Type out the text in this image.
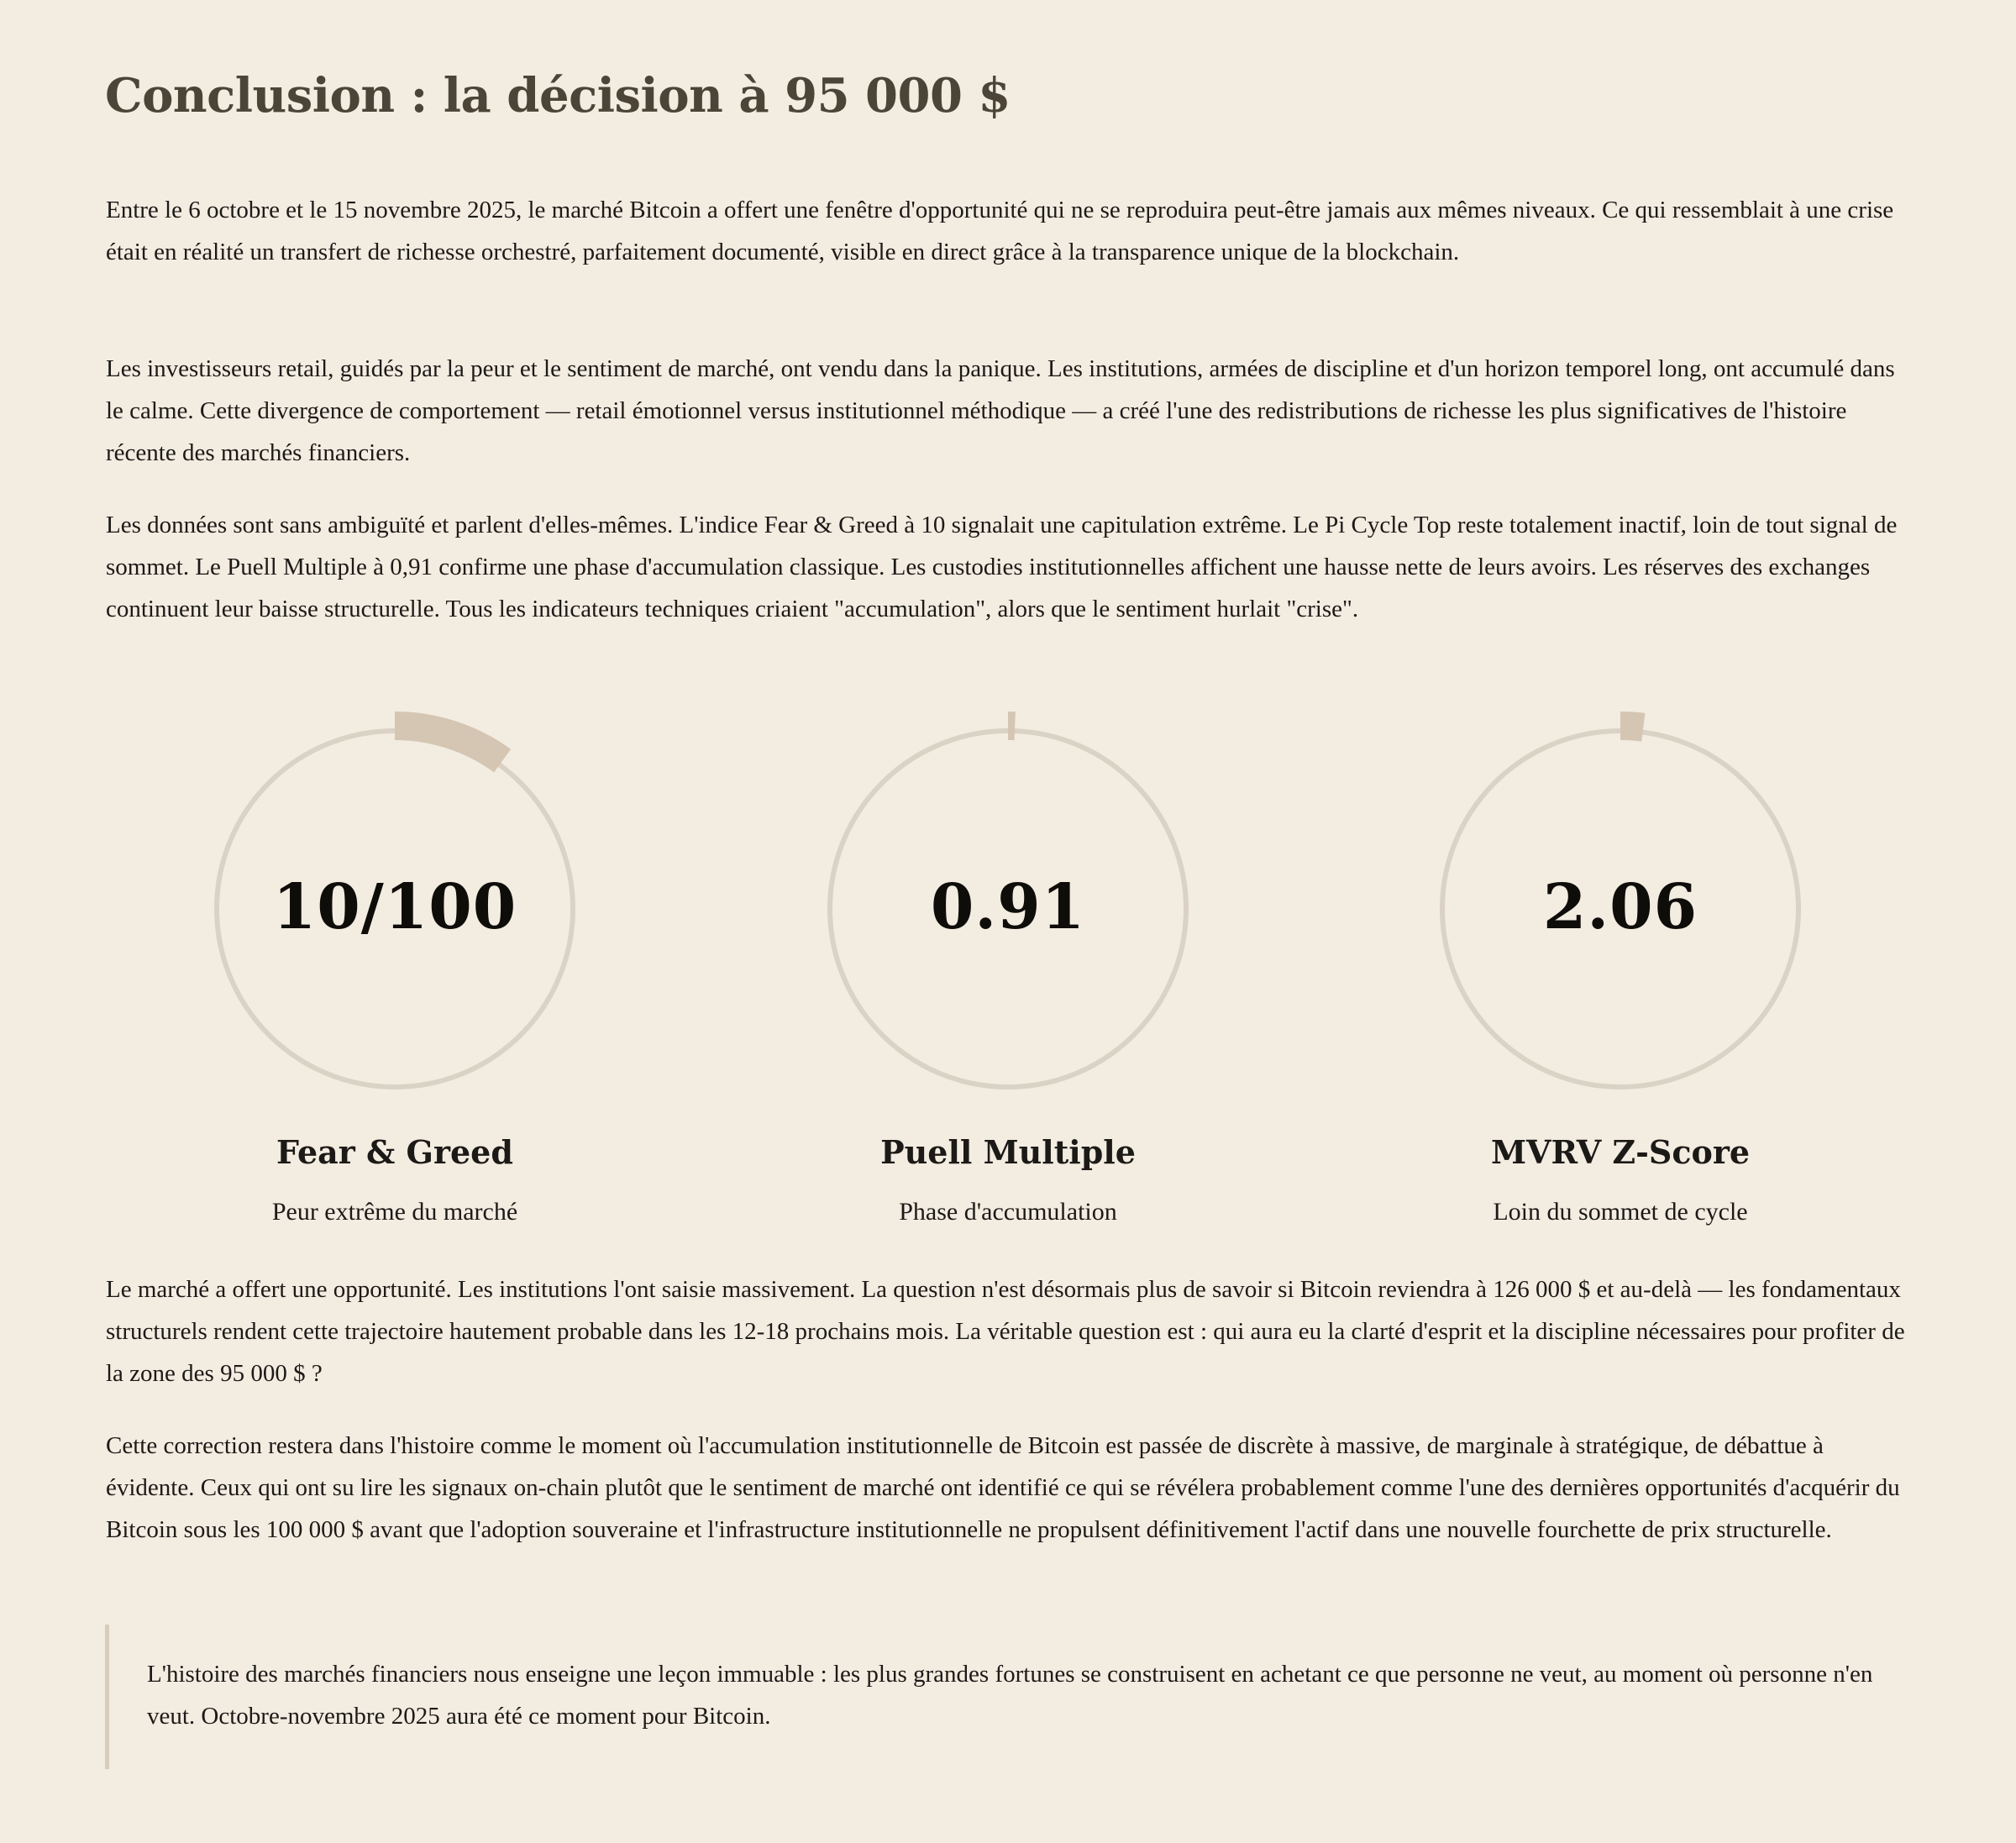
Conclusion : la décision à 95 000 $

Entre le 6 octobre et le 15 novembre 2025, le marché Bitcoin a offert une fenêtre d'opportunité qui ne se reproduira peut-être jamais aux mêmes niveaux. Ce qui ressemblait à une crise était en réalité un transfert de richesse orchestré, parfaitement documenté, visible en direct grâce à la transparence unique de la blockchain.

Les investisseurs retail, guidés par la peur et le sentiment de marché, ont vendu dans la panique. Les institutions, armées de discipline et d'un horizon temporel long, ont accumulé dans le calme. Cette divergence de comportement — retail émotionnel versus institutionnel méthodique — a créé l'une des redistributions de richesse les plus significatives de l'histoire récente des marchés financiers.

Les données sont sans ambiguïté et parlent d'elles-mêmes. L'indice Fear & Greed à 10 signalait une capitulation extrême. Le Pi Cycle Top reste totalement inactif, loin de tout signal de sommet. Le Puell Multiple à 0,91 confirme une phase d'accumulation classique. Les custodies institutionnelles affichent une hausse nette de leurs avoirs. Les réserves des exchanges continuent leur baisse structurelle. Tous les indicateurs techniques criaient "accumulation", alors que le sentiment hurlait "crise".

10/100
Fear & Greed
Peur extrême du marché
0.91
Puell Multiple
Phase d'accumulation
2.06
MVRV Z-Score
Loin du sommet de cycle

Le marché a offert une opportunité. Les institutions l'ont saisie massivement. La question n'est désormais plus de savoir si Bitcoin reviendra à 126 000 $ et au-delà — les fondamentaux structurels rendent cette trajectoire hautement probable dans les 12-18 prochains mois. La véritable question est : qui aura eu la clarté d'esprit et la discipline nécessaires pour profiter de la zone des 95 000 $ ?

Cette correction restera dans l'histoire comme le moment où l'accumulation institutionnelle de Bitcoin est passée de discrète à massive, de marginale à stratégique, de débattue à évidente. Ceux qui ont su lire les signaux on-chain plutôt que le sentiment de marché ont identifié ce qui se révélera probablement comme l'une des dernières opportunités d'acquérir du Bitcoin sous les 100 000 $ avant que l'adoption souveraine et l'infrastructure institutionnelle ne propulsent définitivement l'actif dans une nouvelle fourchette de prix structurelle.

L'histoire des marchés financiers nous enseigne une leçon immuable : les plus grandes fortunes se construisent en achetant ce que personne ne veut, au moment où personne n'en veut. Octobre-novembre 2025 aura été ce moment pour Bitcoin.
